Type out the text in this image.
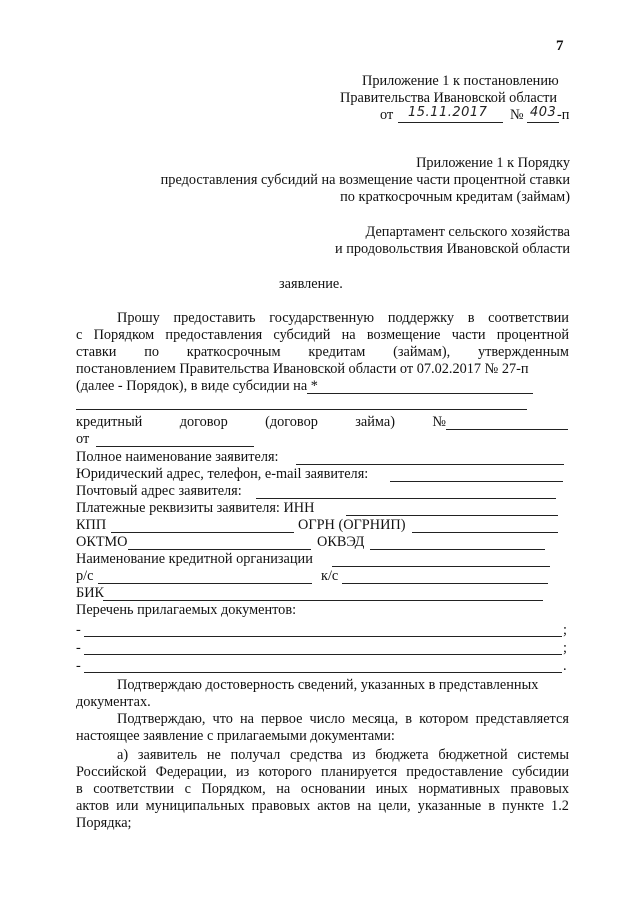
7
Приложение 1 к постановлению
Правительства Ивановской области
от 15.11.2017 № 403 -п
Приложение 1 к Порядку
предоставления субсидий на возмещение части процентной ставки
по краткосрочным кредитам (займам)
Департамент сельского хозяйства
и продовольствия Ивановской области
заявление.
Прошу предоставить государственную поддержку в соответствии
с Порядком предоставления субсидий на возмещение части процентной
ставки по краткосрочным кредитам (займам), утвержденным
постановлением Правительства Ивановской области от 07.02.2017 № 27-п
(далее - Порядок), в виде субсидии на *
кредитный	договор	(договор	займа)	№
от
Полное наименование заявителя:
Юридический адрес, телефон, e-mail заявителя:
Почтовый адрес заявителя:
Платежные реквизиты заявителя: ИНН
КПП	ОГРН (ОГРНИП)
ОКТМО	ОКВЭД
Наименование кредитной организации
р/с	к/с
БИК
Перечень прилагаемых документов:
-	;
-	;
-	.
Подтверждаю достоверность сведений, указанных в представленных
документах.
Подтверждаю, что на первое число месяца, в котором представляется
настоящее заявление с прилагаемыми документами:
а) заявитель не получал средства из бюджета бюджетной системы
Российской Федерации, из которого планируется предоставление субсидии
в соответствии с Порядком, на основании иных нормативных правовых
актов или муниципальных правовых актов на цели, указанные в пункте 1.2
Порядка;
